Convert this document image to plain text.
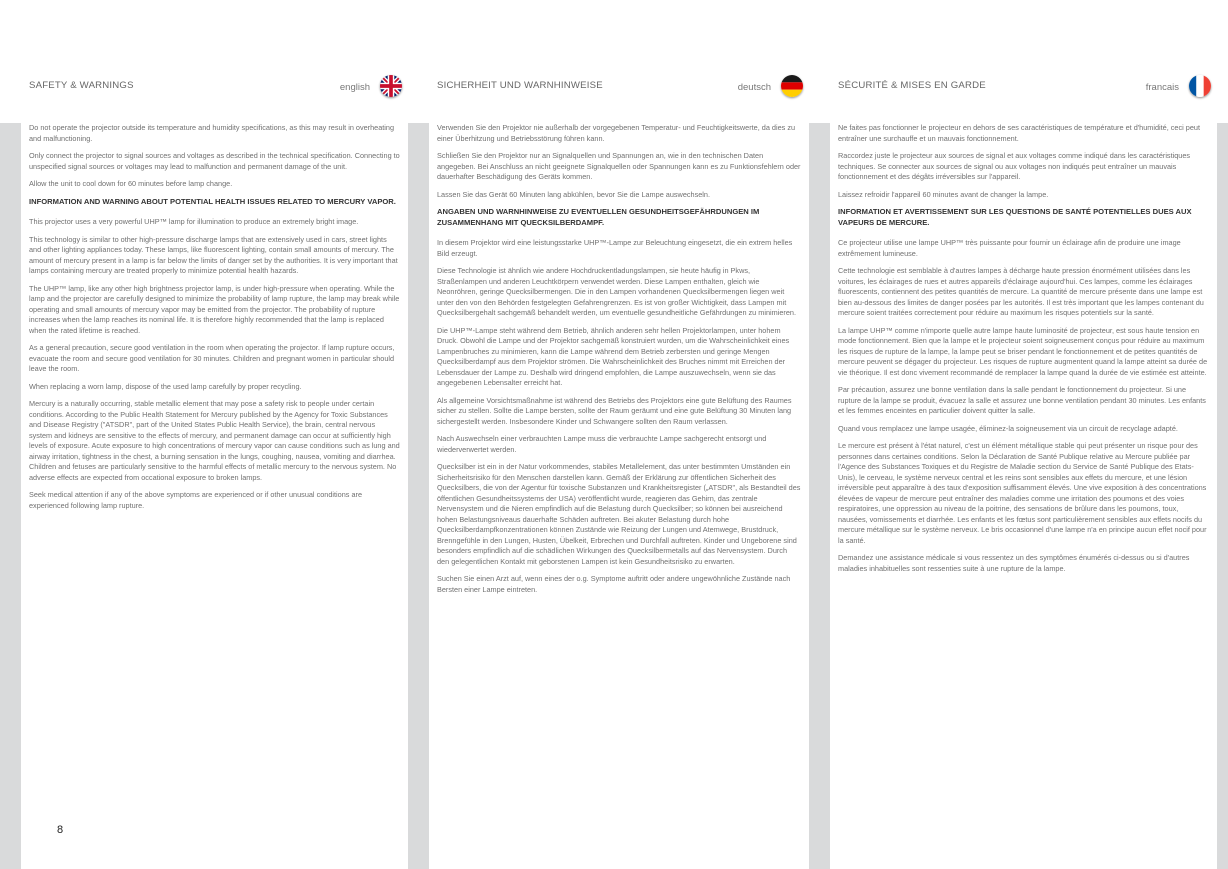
SAFETY & WARNINGS	english

Do not operate the projector outside its temperature and humidity specifications, as this may result in overheating and malfunctioning.

Only connect the projector to signal sources and voltages as described in the technical specification. Connecting to unspecified signal sources or voltages may lead to malfunction and permanent damage of the unit.

Allow the unit to cool down for 60 minutes before lamp change.

INFORMATION AND WARNING ABOUT POTENTIAL HEALTH ISSUES RELATED TO MERCURY VAPOR.

This projector uses a very powerful UHP™ lamp for illumination to produce an extremely bright image.

This technology is similar to other high-pressure discharge lamps that are extensively used in cars, street lights and other lighting appliances today. These lamps, like fluorescent lighting, contain small amounts of mercury. The amount of mercury present in a lamp is far below the limits of danger set by the authorities. It is very important that lamps containing mercury are treated properly to minimize potential health hazards.

The UHP™ lamp, like any other high brightness projector lamp, is under high-pressure when operating. While the lamp and the projector are carefully designed to minimize the probability of lamp rupture, the lamp may break while operating and small amounts of mercury vapor may be emitted from the projector. The probability of rupture increases when the lamp reaches its nominal life. It is therefore highly recommended that the lamp is replaced when the rated lifetime is reached.

As a general precaution, secure good ventilation in the room when operating the projector. If lamp rupture occurs, evacuate the room and secure good ventilation for 30 minutes. Children and pregnant women in particular should leave the room.

When replacing a worn lamp, dispose of the used lamp carefully by proper recycling.

Mercury is a naturally occurring, stable metallic element that may pose a safety risk to people under certain conditions. According to the Public Health Statement for Mercury published by the Agency for Toxic Substances and Disease Registry ("ATSDR", part of the United States Public Health Service), the brain, central nervous system and kidneys are sensitive to the effects of mercury, and permanent damage can occur at sufficiently high levels of exposure. Acute exposure to high concentrations of mercury vapor can cause conditions such as lung and airway irritation, tightness in the chest, a burning sensation in the lungs, coughing, nausea, vomiting and diarrhea. Children and fetuses are particularly sensitive to the harmful effects of metallic mercury to the nervous system. No adverse effects are expected from occational exposure to broken lamps.

Seek medical attention if any of the above symptoms are experienced or if other unusual conditions are experienced following lamp rupture.

SICHERHEIT UND WARNHINWEISE	deutsch

Verwenden Sie den Projektor nie außerhalb der vorgegebenen Temperatur- und Feuchtigkeitswerte, da dies zu einer Überhitzung und Betriebsstörung führen kann.

Schließen Sie den Projektor nur an Signalquellen und Spannungen an, wie in den technischen Daten angegeben. Bei Anschluss an nicht geeignete Signalquellen oder Spannungen kann es zu Funktionsfehlern oder dauerhafter Beschädigung des Geräts kommen.

Lassen Sie das Gerät 60 Minuten lang abkühlen, bevor Sie die Lampe auswechseln.

ANGABEN UND WARNHINWEISE ZU EVENTUELLEN GESUNDHEITSGEFÄHRDUNGEN IM ZUSAMMENHANG MIT QUECKSILBERDAMPF.

In diesem Projektor wird eine leistungsstarke UHP™-Lampe zur Beleuchtung eingesetzt, die ein extrem helles Bild erzeugt.

Diese Technologie ist ähnlich wie andere Hochdruckentladungslampen, sie heute häufig in Pkws, Straßenlampen und anderen Leuchtkörpern verwendet werden. Diese Lampen enthalten, gleich wie Neonröhren, geringe Quecksilbermengen. Die in den Lampen vorhandenen Quecksilbermengen liegen weit unter den von den Behörden festgelegten Gefahrengrenzen. Es ist von großer Wichtigkeit, dass Lampen mit Quecksilbergehalt sachgemäß behandelt werden, um eventuelle gesundheitliche Gefährdungen zu minimieren.

Die UHP™-Lampe steht während dem Betrieb, ähnlich anderen sehr hellen Projektorlampen, unter hohem Druck. Obwohl die Lampe und der Projektor sachgemäß konstruiert wurden, um die Wahrscheinlichkeit eines Lampenbruches zu minimieren, kann die Lampe während dem Betrieb zerbersten und geringe Mengen Quecksilberdampf aus dem Projektor strömen. Die Wahrscheinlichkeit des Bruches nimmt mit Erreichen der Lebensdauer der Lampe zu. Deshalb wird dringend empfohlen, die Lampe auszuwechseln, wenn sie das angegebenen Lebensalter erreicht hat.

Als allgemeine Vorsichtsmaßnahme ist während des Betriebs des Projektors eine gute Belüftung des Raumes sicher zu stellen. Sollte die Lampe bersten, sollte der Raum geräumt und eine gute Belüftung 30 Minuten lang sichergestellt werden. Insbesondere Kinder und Schwangere sollten den Raum verlassen.

Nach Auswechseln einer verbrauchten Lampe muss die verbrauchte Lampe sachgerecht entsorgt und wiederverwertet werden.

Quecksilber ist ein in der Natur vorkommendes, stabiles Metallelement, das unter bestimmten Umständen ein Sicherheitsrisiko für den Menschen darstellen kann. Gemäß der Erklärung zur öffentlichen Sicherheit des Quecksilbers, die von der Agentur für toxische Substanzen und Krankheitsregister („ATSDR", als Bestandteil des öffentlichen Gesundheitssystems der USA) veröffentlicht wurde, reagieren das Gehirn, das zentrale Nervensystem und die Nieren empfindlich auf die Belastung durch Quecksilber; so können bei ausreichend hohen Belastungsniveaus dauerhafte Schäden auftreten. Bei akuter Belastung durch hohe Quecksilberdampfkonzentrationen können Zustände wie Reizung der Lungen und Atemwege, Brustdruck, Brenngefühle in den Lungen, Husten, Übelkeit, Erbrechen und Durchfall auftreten. Kinder und Ungeborene sind besonders empfindlich auf die schädlichen Wirkungen des Quecksilbermetalls auf das Nervensystem. Durch den gelegentlichen Kontakt mit geborstenen Lampen ist kein Gesundheitsrisiko zu erwarten.

Suchen Sie einen Arzt auf, wenn eines der o.g. Symptome auftritt oder andere ungewöhnliche Zustände nach Bersten einer Lampe eintreten.

SÉCURITÉ & MISES EN GARDE	francais

Ne faites pas fonctionner le projecteur en dehors de ses caractéristiques de température et d'humidité, ceci peut entraîner une surchauffe et un mauvais fonctionnement.

Raccordez juste le projecteur aux sources de signal et aux voltages comme indiqué dans les caractéristiques techniques. Se connecter aux sources de signal ou aux voltages non indiqués peut entraîner un mauvais fonctionnement et des dégâts irréversibles sur l'appareil.

Laissez refroidir l'appareil 60 minutes avant de changer la lampe.

INFORMATION ET AVERTISSEMENT SUR LES QUESTIONS DE SANTÉ POTENTIELLES DUES AUX VAPEURS DE MERCURE.

Ce projecteur utilise une lampe UHP™ très puissante pour fournir un éclairage afin de produire une image extrêmement lumineuse.

Cette technologie est semblable à d'autres lampes à décharge haute pression énormément utilisées dans les voitures, les éclairages de rues et autres appareils d'éclairage aujourd'hui. Ces lampes, comme les éclairages fluorescents, contiennent des petites quantités de mercure. La quantité de mercure présente dans une lampe est bien au-dessous des limites de danger posées par les autorités. Il est très important que les lampes contenant du mercure soient traitées correctement pour réduire au maximum les risques potentiels sur la santé.

La lampe UHP™ comme n'importe quelle autre lampe haute luminosité de projecteur, est sous haute tension en mode fonctionnement. Bien que la lampe et le projecteur soient soigneusement conçus pour réduire au maximum les risques de rupture de la lampe, la lampe peut se briser pendant le fonctionnement et de petites quantités de mercure peuvent se dégager du projecteur. Les risques de rupture augmentent quand la lampe atteint sa durée de vie théorique. Il est donc vivement recommandé de remplacer la lampe quand la durée de vie estimée est atteinte.

Par précaution, assurez une bonne ventilation dans la salle pendant le fonctionnement du projecteur. Si une rupture de la lampe se produit, évacuez la salle et assurez une bonne ventilation pendant 30 minutes. Les enfants et les femmes enceintes en particulier doivent quitter la salle.

Quand vous remplacez une lampe usagée, éliminez-la soigneusement via un circuit de recyclage adapté.

Le mercure est présent à l'état naturel, c'est un élément métallique stable qui peut présenter un risque pour des personnes dans certaines conditions. Selon la Déclaration de Santé Publique relative au Mercure publiée par l'Agence des Substances Toxiques et du Registre de Maladie section du Service de Santé Publique des Etats-Unis), le cerveau, le système nerveux central et les reins sont sensibles aux effets du mercure, et une lésion irréversible peut apparaître à des taux d'exposition suffisamment élevés. Une vive exposition à des concentrations élevées de vapeur de mercure peut entraîner des maladies comme une irritation des poumons et des voies respiratoires, une oppression au niveau de la poitrine, des sensations de brûlure dans les poumons, toux, nausées, vomissements et diarrhée. Les enfants et les fœtus sont particulièrement sensibles aux effets nocifs du mercure métallique sur le système nerveux. Le bris occasionnel d'une lampe n'a en principe aucun effet nocif pour la santé.

Demandez une assistance médicale si vous ressentez un des symptômes énumérés ci-dessus ou si d'autres maladies inhabituelles sont ressenties suite à une rupture de la lampe.

8
